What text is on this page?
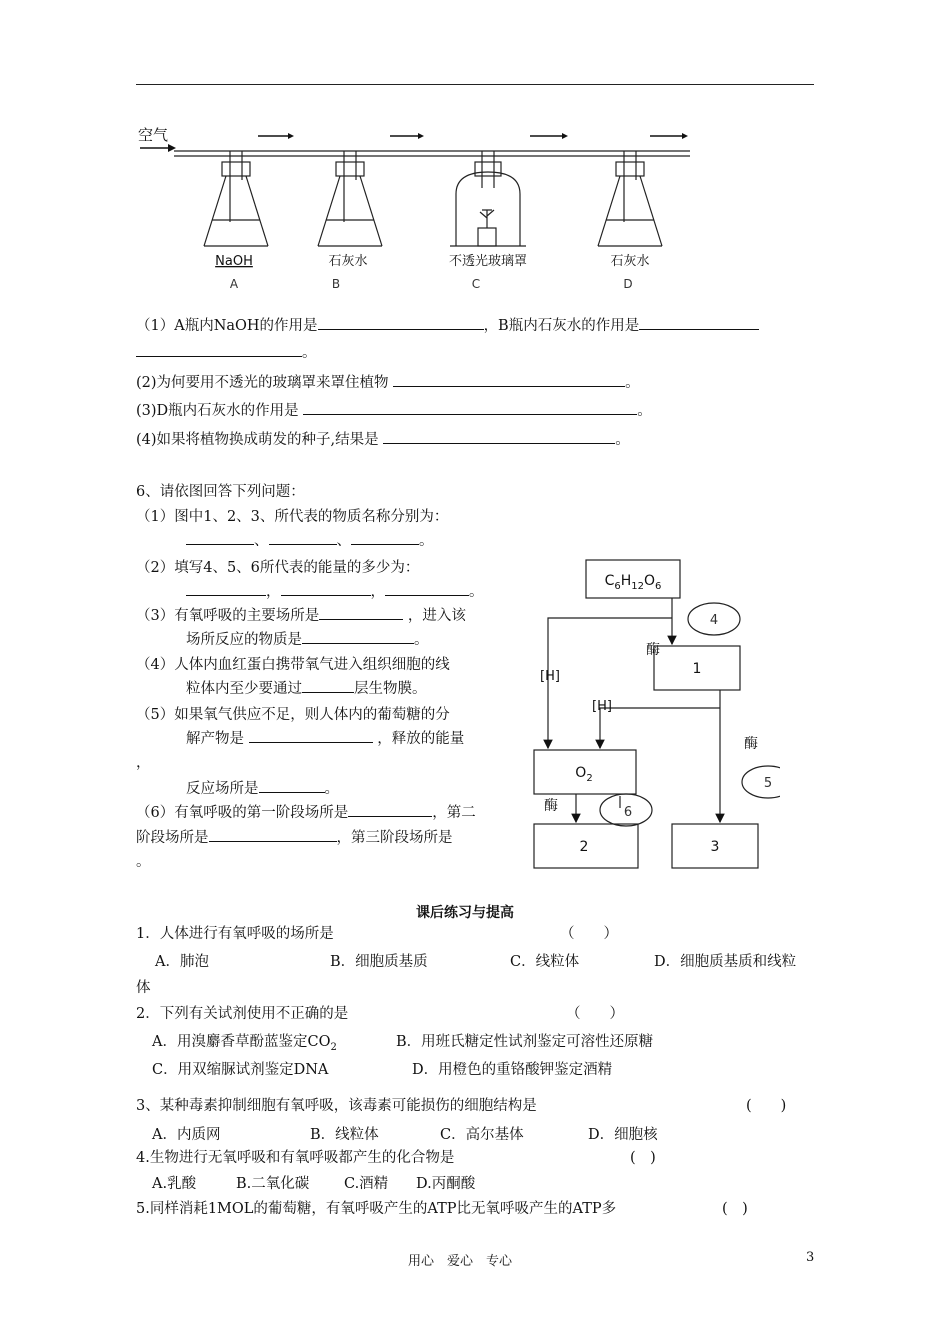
空气
NaOH	石灰水	不透光玻璃罩	石灰水
A	B	C	D
（1）A瓶内NaOH的作用是	，B瓶内石灰水的作用是
。
(2)为何要用不透光的玻璃罩来罩住植物	。
(3)D瓶内石灰水的作用是	。
(4)如果将植物换成萌发的种子,结果是	。
6、请依图回答下列问题：
（1）图中1、2、3、所代表的物质名称分别为：
、	、	。
（2）填写4、5、6所代表的能量的多少为：
，	，	。
（3）有氧呼吸的主要场所是	，进入该
场所反应的物质是	。
（4）人体内血红蛋白携带氧气进入组织细胞的线
粒体内至少要通过	层生物膜。
（5）如果氧气供应不足，则人体内的葡萄糖的分
解产物是	，释放的能量
，
反应场所是	。
（6）有氧呼吸的第一阶段场所是	，第二
阶段场所是	，第三阶段场所是
。
$C_6H_{12}O_6$
1
$O_2$
2	3
4
5
6
[H]
[H]
酶
酶
酶
课后练习与提高
1．人体进行有氧呼吸的场所是	（　　）
A．肺泡	B．细胞质基质	C．线粒体	D．细胞质基质和线粒
体
2．下列有关试剂使用不正确的是	（　　）
A．用溴麝香草酚蓝鉴定$CO_2$	B．用班氏糖定性试剂鉴定可溶性还原糖
C．用双缩脲试剂鉴定DNA	D．用橙色的重铬酸钾鉴定酒精
3、某种毒素抑制细胞有氧呼吸，该毒素可能损伤的细胞结构是	(　　)
A．内质网	B．线粒体	C．高尔基体	D．细胞核
4.生物进行无氧呼吸和有氧呼吸都产生的化合物是	(　)
A.乳酸	B.二氧化碳 C.酒精 D.丙酮酸
5.同样消耗1MOL的葡萄糖，有氧呼吸产生的ATP比无氧呼吸产生的ATP多	(　)
用心　爱心　专心	3
